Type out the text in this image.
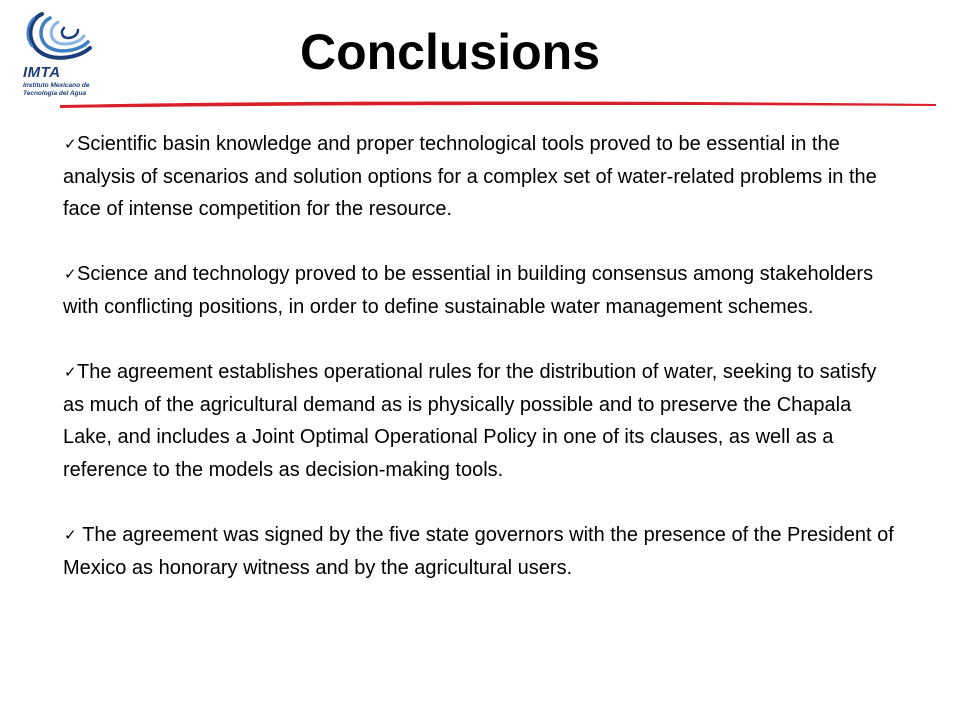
IMTA
Instituto Mexicano de
Tecnología del Agua
Conclusions

✓Scientific basin knowledge and proper technological tools proved to be essential in the analysis of scenarios and solution options for a complex set of water-related problems in the face of intense competition for the resource.

✓Science and technology proved to be essential in building consensus among stakeholders with conflicting positions, in order to define sustainable water management schemes.

✓The agreement establishes operational rules for the distribution of water, seeking to satisfy as much of the agricultural demand as is physically possible and to preserve the Chapala Lake, and includes a Joint Optimal Operational Policy in one of its clauses, as well as a reference to the models as decision-making tools.

✓ The agreement was signed by the five state governors with the presence of the President of Mexico as honorary witness and by the agricultural users.
